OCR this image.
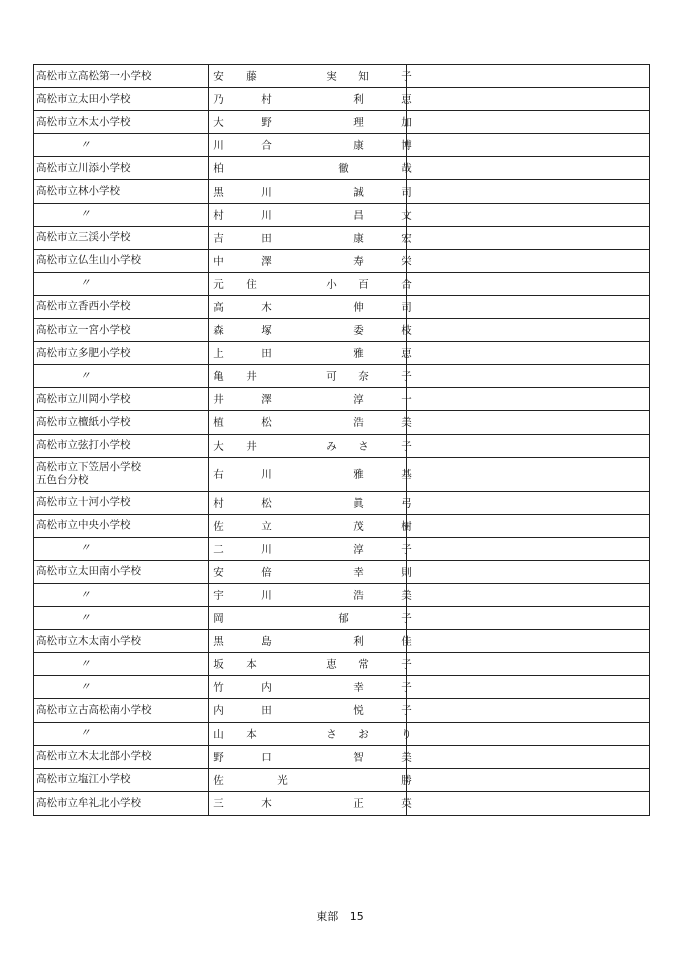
高松市立高松第一小学校	安 藤	実 知	子
高松市立太田小学校	乃	村	利	恵
高松市立木太小学校	大	野	理	加
〃	川	合	康	博
高松市立川添小学校	柏	徹	哉
高松市立林小学校	黒	川	誠	司
〃	村	川	昌	文
高松市立三渓小学校	吉	田	康	宏
高松市立仏生山小学校	中	澤	寿	栄
〃	元 住	小 百	合
高松市立香西小学校	高	木	伸	司
高松市立一宮小学校	森	塚	委	枝
高松市立多肥小学校	上	田	雅	恵
〃	亀 井	可 奈	子
高松市立川岡小学校	井	澤	淳	一
高松市立檀紙小学校	植	松	浩	美
高松市立弦打小学校	大 井	み さ	子
高松市立下笠居小学校
五色台分校	右	川	雅	基
高松市立十河小学校	村	松	眞	弓
高松市立中央小学校	佐	立	茂	樹
〃	二	川	淳	子
高松市立太田南小学校	安	倍	幸	則
〃	宇	川	浩	美
〃	岡	郁	子
高松市立木太南小学校	黒	島	利	佳
〃	坂 本	恵 常	子
〃	竹	内	幸	子
高松市立古高松南小学校	内	田	悦	子
〃	山 本	さ お	り
高松市立木太北部小学校	野	口	智	美
高松市立塩江小学校	佐	光	勝
高松市立牟礼北小学校	三	木	正	英
東部 15
